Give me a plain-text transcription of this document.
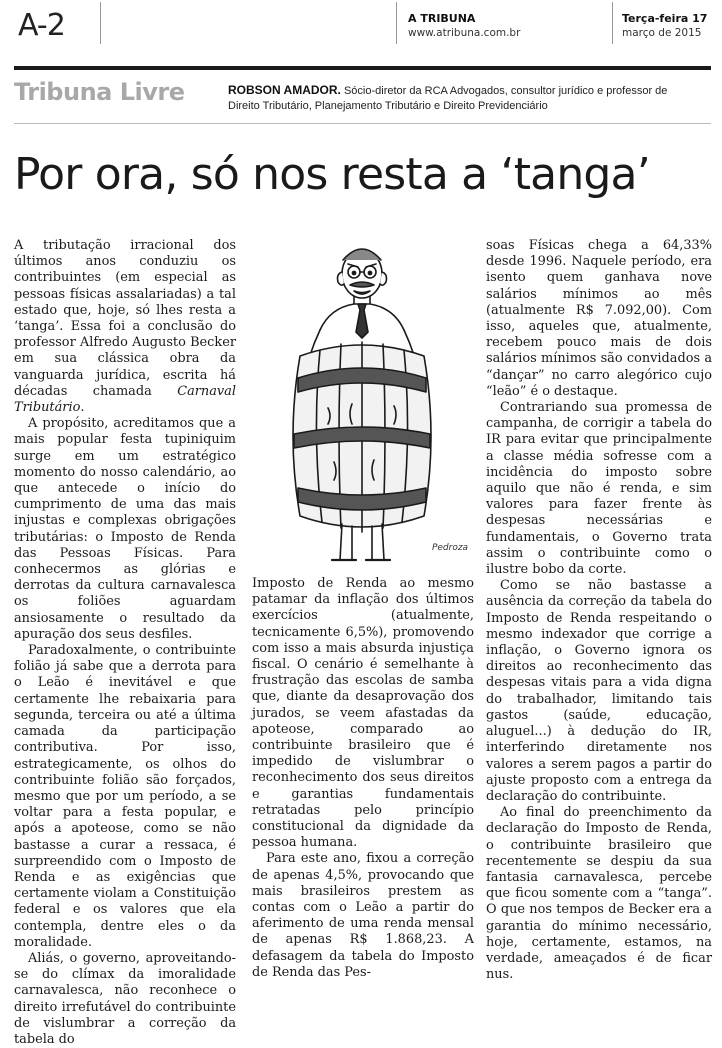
A-2	A TRIBUNA
www.atribuna.com.br
Terça-feira 17
março de 2015
Tribuna Livre	ROBSON AMADOR. Sócio-diretor da RCA Advogados, consultor jurídico e professor de Direito Tributário, Planejamento Tributário e Direito Previdenciário
Por ora, só nos resta a ‘tanga’

A tributação irracional dos últimos anos conduziu os contribuintes (em especial as pessoas físicas assalariadas) a tal estado que, hoje, só lhes resta a ‘tanga’. Essa foi a conclusão do professor Alfredo Augusto Becker em sua clássica obra da vanguarda jurídica, escrita há décadas chamada Carnaval Tributário.

A propósito, acreditamos que a mais popular festa tupiniquim surge em um estratégico momento do nosso calendário, ao que antecede o início do cumprimento de uma das mais injustas e complexas obrigações tributárias: o Imposto de Renda das Pessoas Físicas. Para conhecermos as glórias e derrotas da cultura carnavalesca os foliões aguardam ansiosamente o resultado da apuração dos seus desfiles.

Paradoxalmente, o contribuinte folião já sabe que a derrota para o Leão é inevitável e que certamente lhe rebaixaria para segunda, terceira ou até a última camada da participação contributiva. Por isso, estrategicamente, os olhos do contribuinte folião são forçados, mesmo que por um período, a se voltar para a festa popular, e após a apoteose, como se não bastasse a curar a ressaca, é surpreendido com o Imposto de Renda e as exigências que certamente violam a Constituição federal e os valores que ela contempla, dentre eles o da moralidade.

Aliás, o governo, aproveitando-se do clímax da imoralidade carnavalesca, não reconhece o direito irrefutável do contribuinte de vislumbrar a correção da tabela do

Pedroza

Imposto de Renda ao mesmo patamar da inflação dos últimos exercícios (atualmente, tecnicamente 6,5%), promovendo com isso a mais absurda injustiça fiscal. O cenário é semelhante à frustração das escolas de samba que, diante da desaprovação dos jurados, se veem afastadas da apoteose, comparado ao contribuinte brasileiro que é impedido de vislumbrar o reconhecimento dos seus direitos e garantias fundamentais retratadas pelo princípio constitucional da dignidade da pessoa humana.

Para este ano, fixou a correção de apenas 4,5%, provocando que mais brasileiros prestem as contas com o Leão a partir do aferimento de uma renda mensal de apenas R$ 1.868,23. A defasagem da tabela do Imposto de Renda das Pes-

soas Físicas chega a 64,33% desde 1996. Naquele período, era isento quem ganhava nove salários mínimos ao mês (atualmente R$ 7.092,00). Com isso, aqueles que, atualmente, recebem pouco mais de dois salários mínimos são convidados a “dançar” no carro alegórico cujo “leão” é o destaque.

Contrariando sua promessa de campanha, de corrigir a tabela do IR para evitar que principalmente a classe média sofresse com a incidência do imposto sobre aquilo que não é renda, e sim valores para fazer frente às despesas necessárias e fundamentais, o Governo trata assim o contribuinte como o ilustre bobo da corte.

Como se não bastasse a ausência da correção da tabela do Imposto de Renda respeitando o mesmo indexador que corrige a inflação, o Governo ignora os direitos ao reconhecimento das despesas vitais para a vida digna do trabalhador, limitando tais gastos (saúde, educação, aluguel...) à dedução do IR, interferindo diretamente nos valores a serem pagos a partir do ajuste proposto com a entrega da declaração do contribuinte.

Ao final do preenchimento da declaração do Imposto de Renda, o contribuinte brasileiro que recentemente se despiu da sua fantasia carnavalesca, percebe que ficou somente com a “tanga”. O que nos tempos de Becker era a garantia do mínimo necessário, hoje, certamente, estamos, na verdade, ameaçados é de ficar nus.
